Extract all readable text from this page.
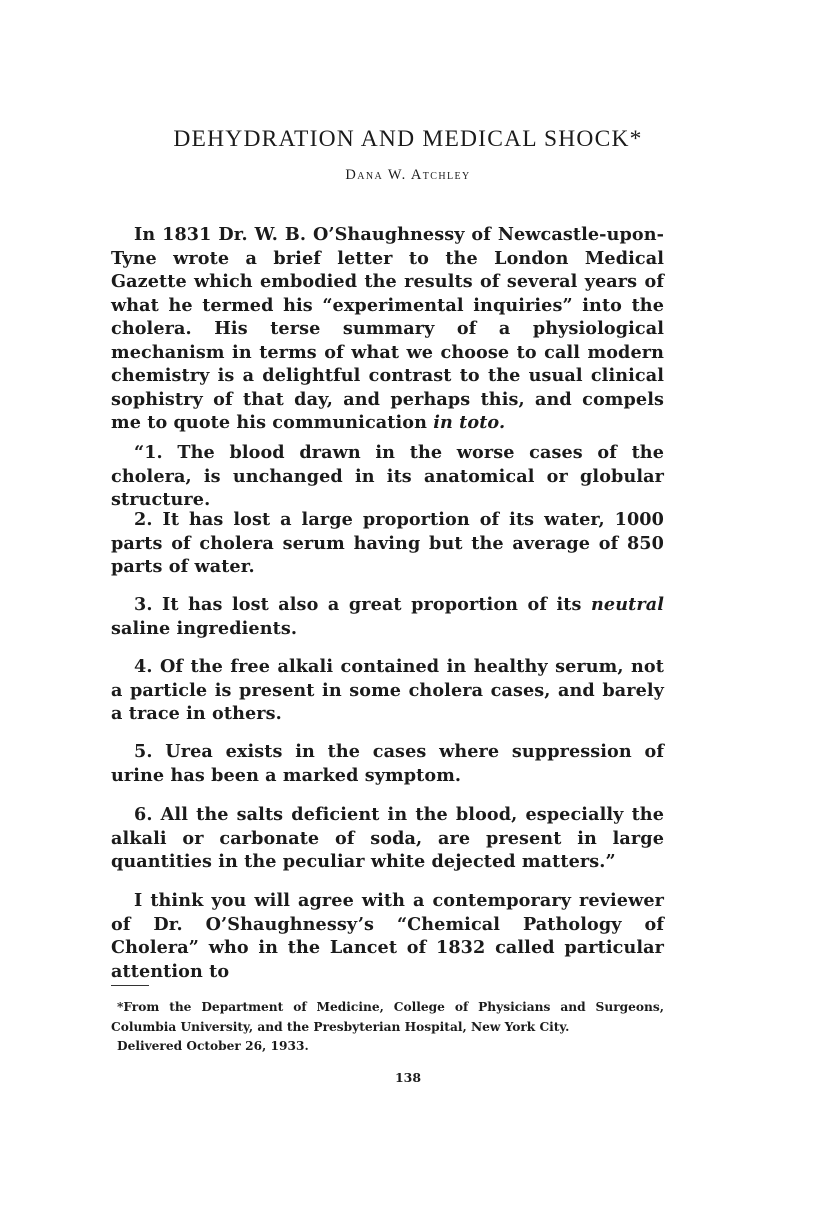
DEHYDRATION AND MEDICAL SHOCK*
Dana W. Atchley

In 1831 Dr. W. B. O’Shaughnessy of Newcastle-upon-Tyne wrote a brief letter to the London Medical Gazette which embodied the results of several years of what he termed his “experimental inquiries” into the cholera. His terse summary of a physiological mechanism in terms of what we choose to call modern chemistry is a delightful contrast to the usual clinical sophistry of that day, and perhaps this, and compels me to quote his communication in toto.

“1. The blood drawn in the worse cases of the cholera, is unchanged in its anatomical or globular structure.

2. It has lost a large proportion of its water, 1000 parts of cholera serum having but the average of 850 parts of water.

3. It has lost also a great proportion of its neutral saline ingredients.

4. Of the free alkali contained in healthy serum, not a particle is present in some cholera cases, and barely a trace in others.

5. Urea exists in the cases where suppression of urine has been a marked symptom.

6. All the salts deficient in the blood, especially the alkali or carbonate of soda, are present in large quantities in the peculiar white dejected matters.”

I think you will agree with a contemporary reviewer of Dr. O’Shaughnessy’s “Chemical Pathology of Cholera” who in the Lancet of 1832 called particular attention to

*From the Department of Medicine, College of Physicians and Surgeons, Columbia University, and the Presbyterian Hospital, New York City.

Delivered October 26, 1933.

138
